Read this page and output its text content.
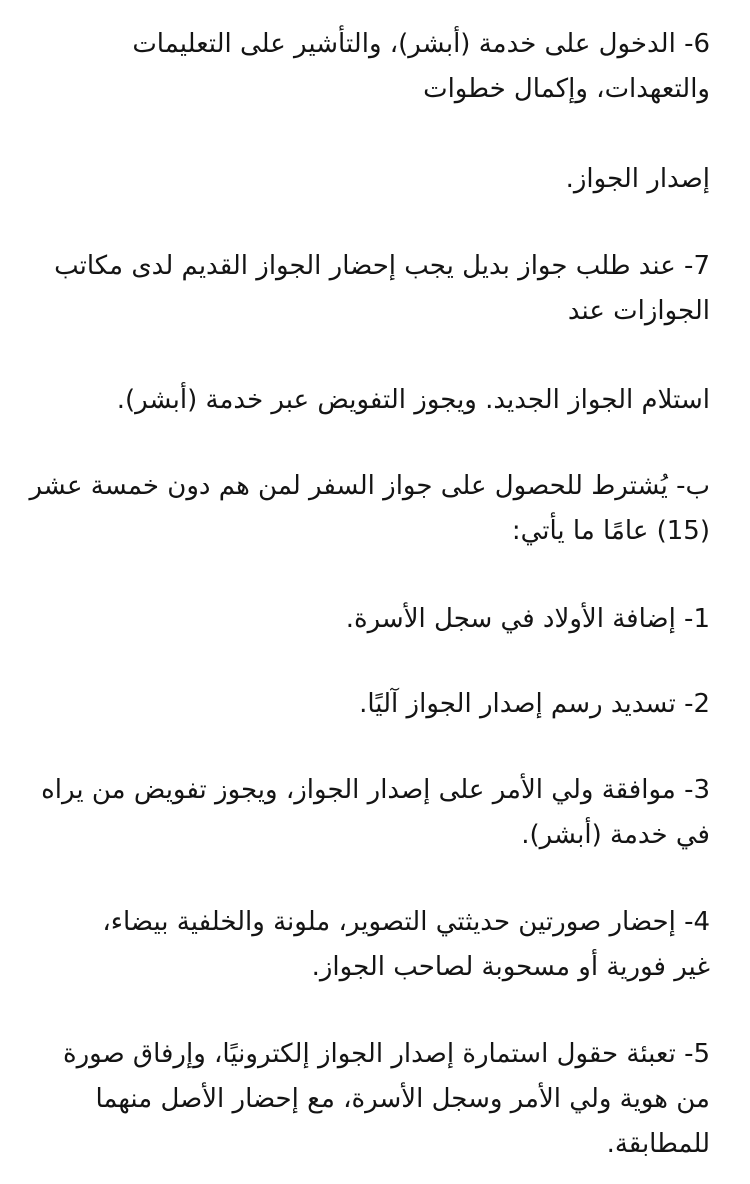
6- الدخول على خدمة (أبشر)، والتأشير على التعليمات
والتعهدات، وإكمال خطوات

إصدار الجواز.

7- عند طلب جواز بديل يجب إحضار الجواز القديم لدى مكاتب
الجوازات عند

استلام الجواز الجديد. ويجوز التفويض عبر خدمة (أبشر).

ب- يُشترط للحصول على جواز السفر لمن هم دون خمسة عشر
(15) عامًا ما يأتي:

1- إضافة الأولاد في سجل الأسرة.

2- تسديد رسم إصدار الجواز آليًا.

3- موافقة ولي الأمر على إصدار الجواز، ويجوز تفويض من يراه
في خدمة (أبشر).

4- إحضار صورتين حديثتي التصوير، ملونة والخلفية بيضاء،
غير فورية أو مسحوبة لصاحب الجواز.

5- تعبئة حقول استمارة إصدار الجواز إلكترونيًا، وإرفاق صورة
من هوية ولي الأمر وسجل الأسرة، مع إحضار الأصل منهما
للمطابقة.
